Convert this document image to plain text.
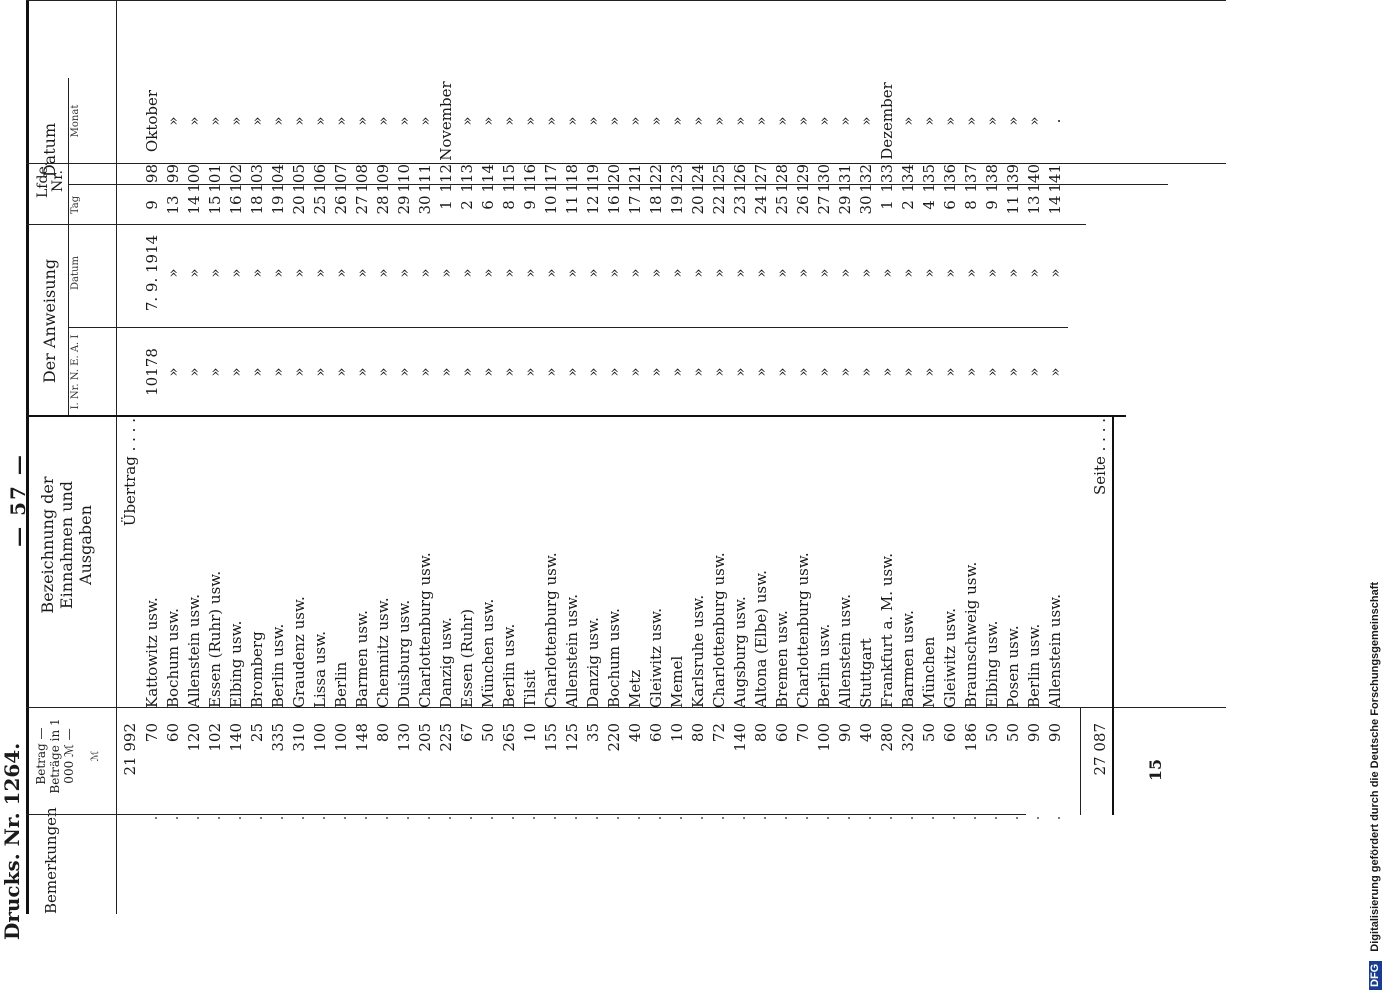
— 57 —
Drucks. Nr. 1264.
Lfde. Nr.
Datum
Monat
Tag
Der Anweisung Datum
I. Nr. N. E. A. I
Bezeichnung der Einnahmen und Ausgaben
Betrag — Beträge in 1 000 ℳ — ℳ
Bemerkungen
Übertrag . . . .
21 992
98
Oktober
9
7. 9. 1914
10178
Kattowitz usw.
70
.
99
»
13
»
»
Bochum usw.
60
.
100
»
14
»
»
Allenstein usw.
120
.
101
»
15
»
»
Essen (Ruhr) usw.
102
.
102
»
16
»
»
Elbing usw.
140
.
103
»
18
»
»
Bromberg
25
.
104
»
19
»
»
Berlin usw.
335
.
105
»
20
»
»
Graudenz usw.
310
.
106
»
25
»
»
Lissa usw.
100
.
107
»
26
»
»
Berlin
100
.
108
»
27
»
»
Barmen usw.
148
.
109
»
28
»
»
Chemnitz usw.
80
.
110
»
29
»
»
Duisburg usw.
130
.
111
»
30
»
»
Charlottenburg usw.
205
.
112
November
1
»
»
Danzig usw.
225
.
113
»
2
»
»
Essen (Ruhr)
67
.
114
»
6
»
»
München usw.
50
.
115
»
8
»
»
Berlin usw.
265
.
116
»
9
»
»
Tilsit
10
.
117
»
10
»
»
Charlottenburg usw.
155
.
118
»
11
»
»
Allenstein usw.
125
.
119
»
12
»
»
Danzig usw.
35
.
120
»
16
»
»
Bochum usw.
220
.
121
»
17
»
»
Metz
40
.
122
»
18
»
»
Gleiwitz usw.
60
.
123
»
19
»
»
Memel
10
.
124
»
20
»
»
Karlsruhe usw.
80
.
125
»
22
»
»
Charlottenburg usw.
72
.
126
»
23
»
»
Augsburg usw.
140
.
127
»
24
»
»
Altona (Elbe) usw.
80
.
128
»
25
»
»
Bremen usw.
60
.
129
»
26
»
»
Charlottenburg usw.
70
.
130
»
27
»
»
Berlin usw.
100
.
131
»
29
»
»
Allenstein usw.
90
.
132
»
30
»
»
Stuttgart
40
.
133
Dezember
1
»
»
Frankfurt a. M. usw.
280
.
134
»
2
»
»
Barmen usw.
320
.
135
»
4
»
»
München
50
.
136
»
6
»
»
Gleiwitz usw.
60
.
137
»
8
»
»
Braunschweig usw.
186
.
138
»
9
»
»
Elbing usw.
50
.
139
»
11
»
»
Posen usw.
50
.
140
»
13
»
»
Berlin usw.
90
.
141
.
14
»
»
Allenstein usw.
90
.
Seite . . . .
27 087 15
DFG Digitalisierung gefördert durch die Deutsche Forschungsgemeinschaft
